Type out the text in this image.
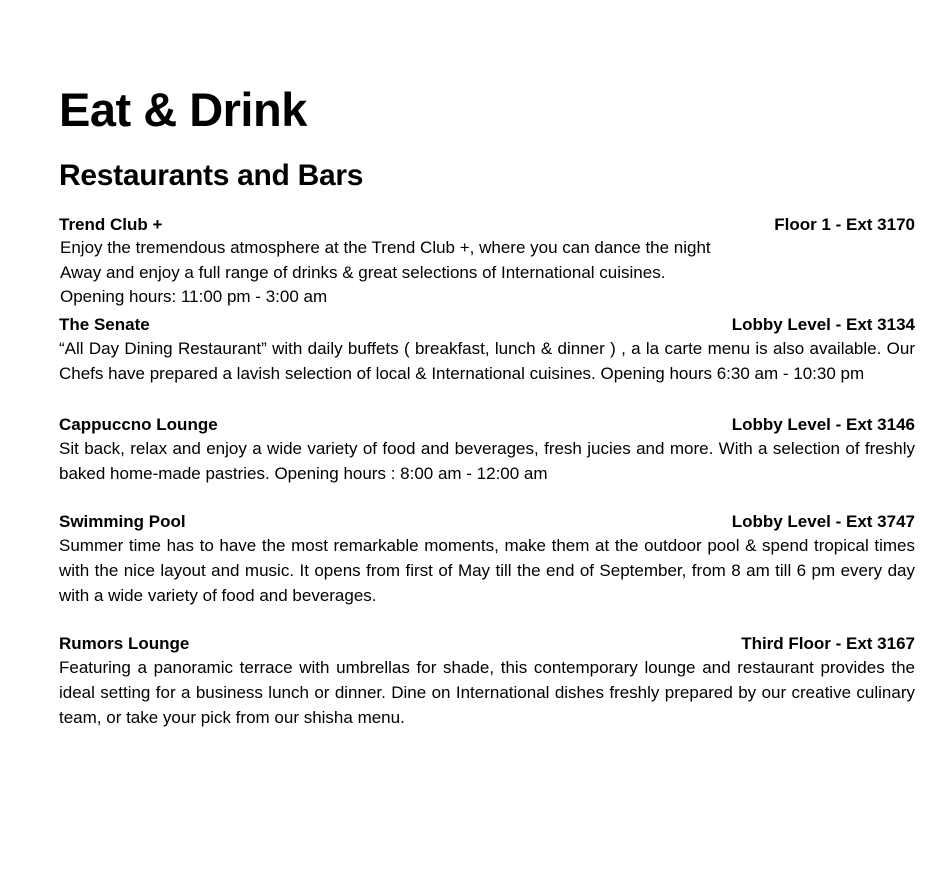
Eat & Drink
Restaurants and Bars
Trend Club +	Floor 1 - Ext 3170

Enjoy the tremendous atmosphere at the Trend Club +, where you can dance the night
Away and enjoy a full range of drinks & great selections of International cuisines.
Opening hours: 11:00 pm - 3:00 am

The Senate	Lobby Level - Ext 3134

“All Day Dining Restaurant” with daily buffets ( breakfast, lunch & dinner ) , a la carte menu is also available. Our Chefs have prepared a lavish selection of local & International cuisines. Opening hours 6:30 am - 10:30 pm

Cappuccno Lounge	Lobby Level - Ext 3146

Sit back, relax and enjoy a wide variety of food and beverages, fresh jucies and more. With a selection of freshly baked home-made pastries. Opening hours : 8:00 am - 12:00 am

Swimming Pool	Lobby Level - Ext 3747

Summer time has to have the most remarkable moments, make them at the outdoor pool & spend tropical times with the nice layout and music. It opens from first of May till the end of September, from 8 am till 6 pm every day with a wide variety of food and beverages.

Rumors Lounge	Third Floor - Ext 3167

Featuring a panoramic terrace with umbrellas for shade, this contemporary lounge and restaurant provides the ideal setting for a business lunch or dinner. Dine on International dishes freshly prepared by our creative culinary team, or take your pick from our shisha menu.
